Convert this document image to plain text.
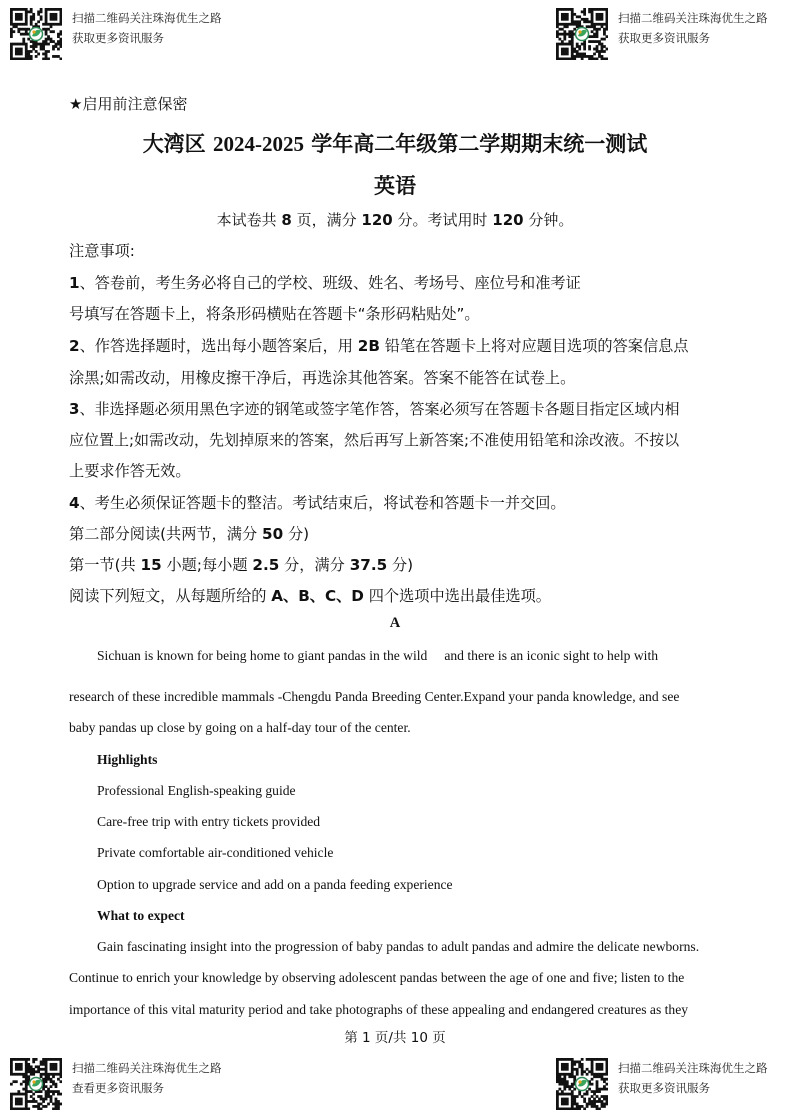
扫描二维码关注珠海优生之路
获取更多资讯服务
扫描二维码关注珠海优生之路
获取更多资讯服务
扫描二维码关注珠海优生之路
查看更多资讯服务
扫描二维码关注珠海优生之路
获取更多资讯服务
★启用前注意保密
大湾区 2024-2025 学年高二年级第二学期期末统一测试
英语
本试卷共 8 页，满分 120 分。考试用时 120 分钟。
注意事项:
1、答卷前，考生务必将自己的学校、班级、姓名、考场号、座位号和准考证
号填写在答题卡上，将条形码横贴在答题卡“条形码粘贴处”。
2、作答选择题时，选出每小题答案后，用 2B 铅笔在答题卡上将对应题目选项的答案信息点
涂黑;如需改动，用橡皮擦干净后，再选涂其他答案。答案不能答在试卷上。
3、非选择题必须用黑色字迹的钢笔或签字笔作答，答案必须写在答题卡各题目指定区域内相
应位置上;如需改动，先划掉原来的答案，然后再写上新答案;不准使用铅笔和涂改液。不按以
上要求作答无效。
4、考生必须保证答题卡的整洁。考试结束后，将试卷和答题卡一并交回。
第二部分阅读(共两节，满分 50 分)
第一节(共 15 小题;每小题 2.5 分，满分 37.5 分)
阅读下列短文，从每题所给的 A、B、C、D 四个选项中选出最佳选项。
A
Sichuan is known for being home to giant pandas in the wild     and there is an iconic sight to help with
research of these incredible mammals -Chengdu Panda Breeding Center.Expand your panda knowledge, and see
baby pandas up close by going on a half-day tour of the center.
Highlights
Professional English-speaking guide
Care-free trip with entry tickets provided
Private comfortable air-conditioned vehicle
Option to upgrade service and add on a panda feeding experience
What to expect
Gain fascinating insight into the progression of baby pandas to adult pandas and admire the delicate newborns.
Continue to enrich your knowledge by observing adolescent pandas between the age of one and five; listen to the
importance of this vital maturity period and take photographs of these appealing and endangered creatures as they
第 1 页/共 10 页
